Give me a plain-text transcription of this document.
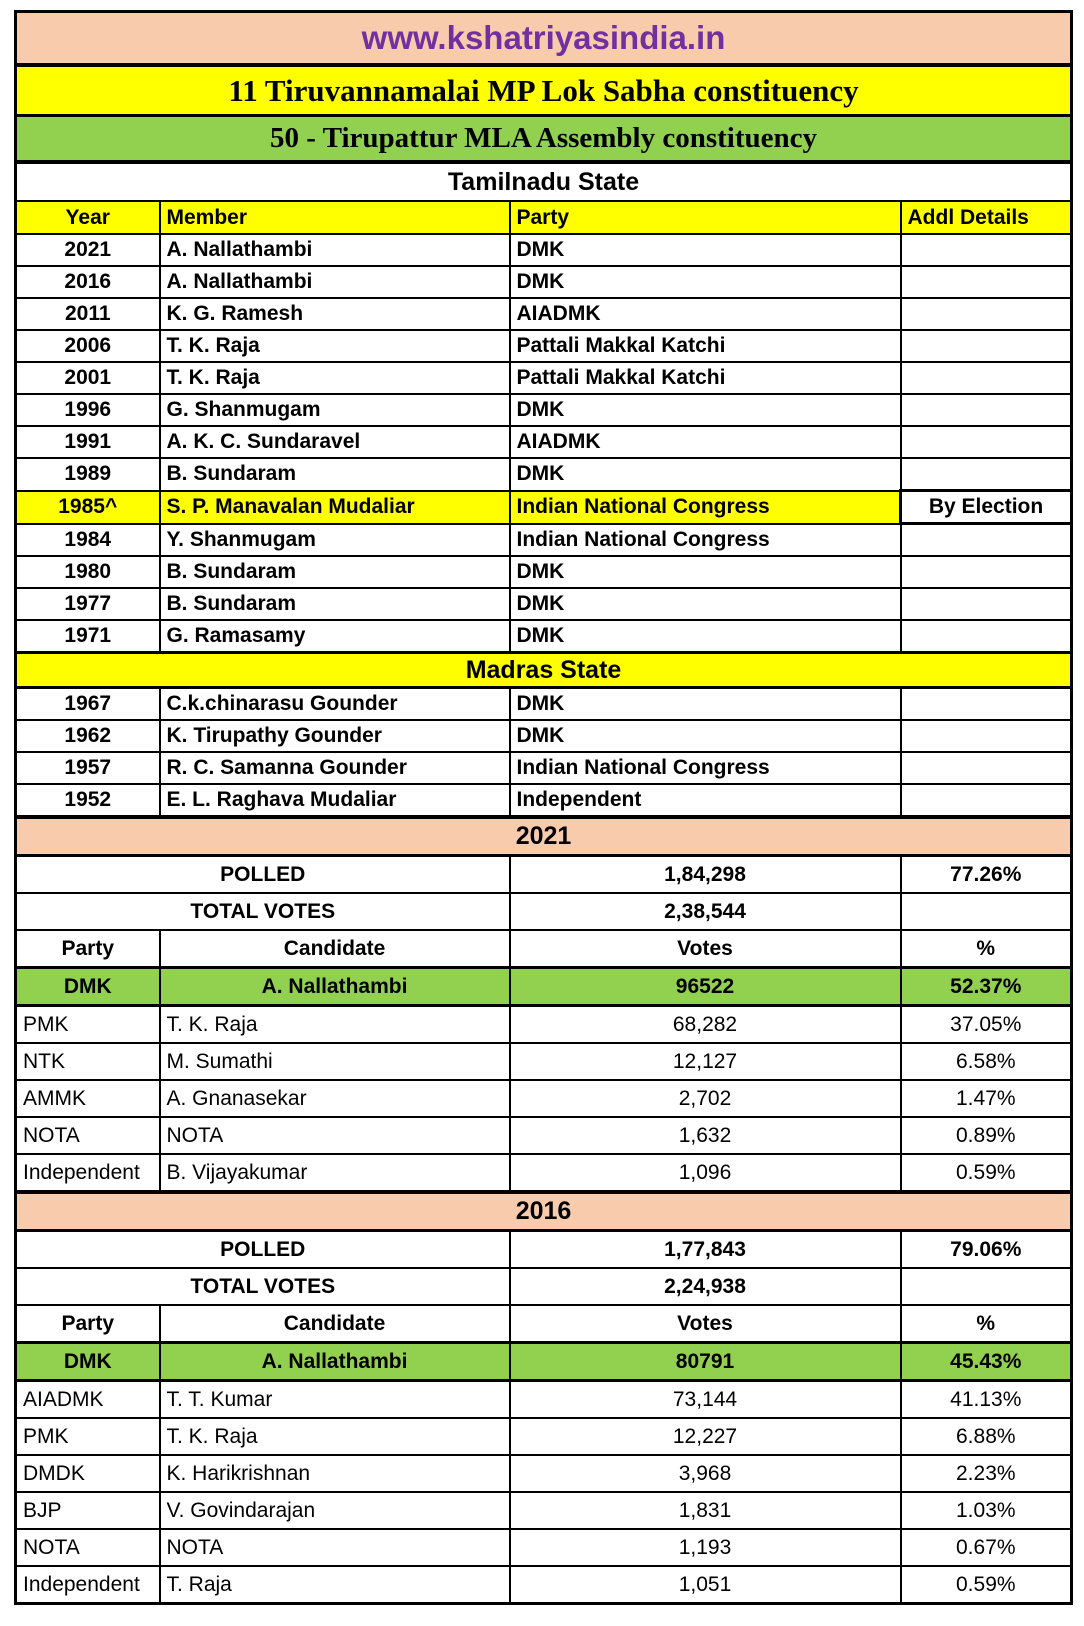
www.kshatriyasindia.in			
11 Tiruvannamalai MP Lok Sabha constituency			
50 - Tirupattur MLA Assembly constituency			
Tamilnadu State			
Year	Member	Party	Addl Details
2021	A. Nallathambi	DMK	
2016	A. Nallathambi	DMK	
2011	K. G. Ramesh	AIADMK	
2006	T. K. Raja	Pattali Makkal Katchi	
2001	T. K. Raja	Pattali Makkal Katchi	
1996	G. Shanmugam	DMK	
1991	A. K. C. Sundaravel	AIADMK	
1989	B. Sundaram	DMK	
1985^	S. P. Manavalan Mudaliar	Indian National Congress	By Election
1984	Y. Shanmugam	Indian National Congress	
1980	B. Sundaram	DMK	
1977	B. Sundaram	DMK	
1971	G. Ramasamy	DMK	
Madras State			
1967	C.k.chinarasu Gounder	DMK	
1962	K. Tirupathy Gounder	DMK	
1957	R. C. Samanna Gounder	Indian National Congress	
1952	E. L. Raghava Mudaliar	Independent	
2021			
POLLED		1,84,298	77.26%
TOTAL VOTES		2,38,544	
Party	Candidate	Votes	%
DMK	A. Nallathambi	96522	52.37%
PMK	T. K. Raja	68,282	37.05%
NTK	M. Sumathi	12,127	6.58%
AMMK	A. Gnanasekar	2,702	1.47%
NOTA	NOTA	1,632	0.89%
Independent	B. Vijayakumar	1,096	0.59%
2016			
POLLED		1,77,843	79.06%
TOTAL VOTES		2,24,938	
Party	Candidate	Votes	%
DMK	A. Nallathambi	80791	45.43%
AIADMK	T. T. Kumar	73,144	41.13%
PMK	T. K. Raja	12,227	6.88%
DMDK	K. Harikrishnan	3,968	2.23%
BJP	V. Govindarajan	1,831	1.03%
NOTA	NOTA	1,193	0.67%
Independent	T. Raja	1,051	0.59%
